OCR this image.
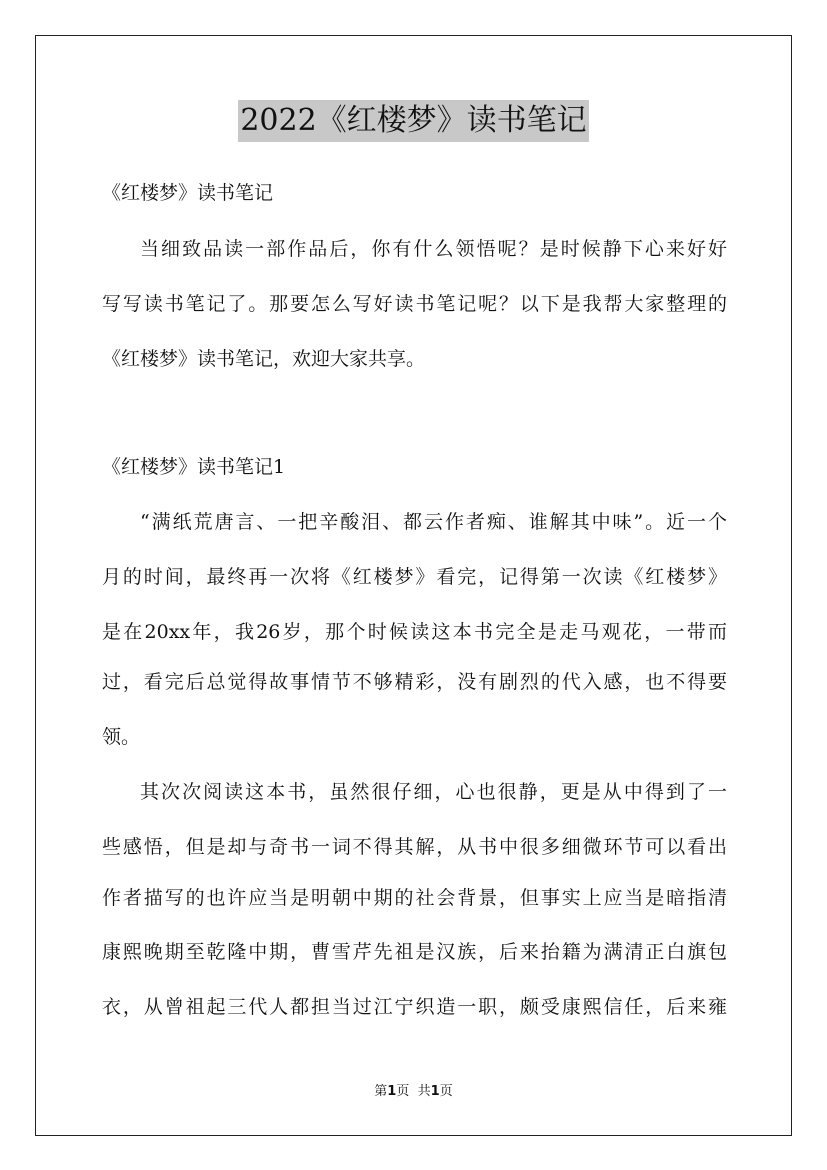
2022《红楼梦》读书笔记
《红楼梦》读书笔记
当细致品读一部作品后，你有什么领悟呢？是时候静下心来好好
写写读书笔记了。那要怎么写好读书笔记呢？以下是我帮大家整理的
《红楼梦》读书笔记，欢迎大家共享。
《红楼梦》读书笔记1
“满纸荒唐言、一把辛酸泪、都云作者痴、谁解其中味”。近一个
月的时间，最终再一次将《红楼梦》看完，记得第一次读《红楼梦》
是在20xx年，我26岁，那个时候读这本书完全是走马观花，一带而
过，看完后总觉得故事情节不够精彩，没有剧烈的代入感，也不得要
领。
其次次阅读这本书，虽然很仔细，心也很静，更是从中得到了一
些感悟，但是却与奇书一词不得其解，从书中很多细微环节可以看出
作者描写的也许应当是明朝中期的社会背景，但事实上应当是暗指清
康熙晚期至乾隆中期，曹雪芹先祖是汉族，后来抬籍为满清正白旗包
衣，从曾祖起三代人都担当过江宁织造一职，颇受康熙信任，后来雍
第1页 共1页
